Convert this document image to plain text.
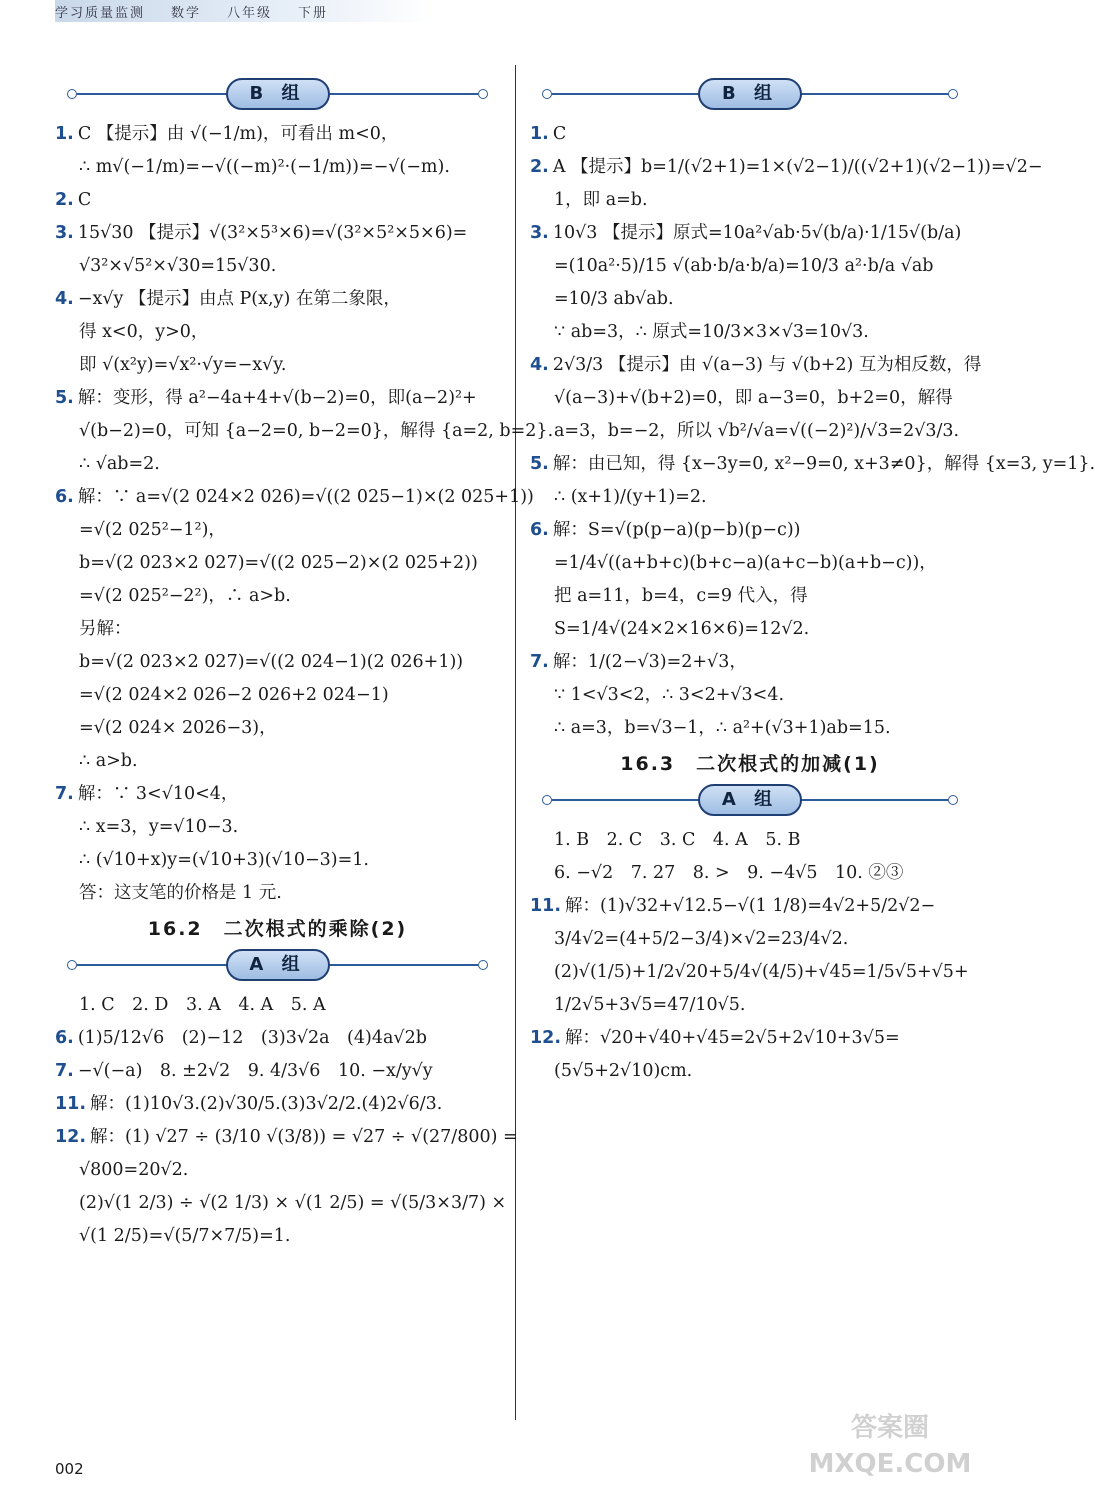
学习质量监测 数学 八年级 下册
B 组
1. C 【提示】由 √(−1/m)，可看出 m<0，
∴ m√(−1/m)=−√((−m)²·(−1/m))=−√(−m).
2. C
3. 15√30 【提示】√(3²×5³×6)=√(3²×5²×5×6)=
√3²×√5²×√30=15√30.
4. −x√y 【提示】由点 P(x,y) 在第二象限，
得 x<0，y>0，
即 √(x²y)=√x²·√y=−x√y.
5. 解：变形，得 a²−4a+4+√(b−2)=0，即(a−2)²+
√(b−2)=0，可知 {a−2=0, b−2=0}，解得 {a=2, b=2}.
∴ √ab=2.
6. 解：∵ a=√(2 024×2 026)=√((2 025−1)×(2 025+1))
=√(2 025²−1²)，
b=√(2 023×2 027)=√((2 025−2)×(2 025+2))
=√(2 025²−2²)，∴ a>b.
另解：
b=√(2 023×2 027)=√((2 024−1)(2 026+1))
=√(2 024×2 026−2 026+2 024−1)
=√(2 024× 2026−3)，
∴ a>b.
7. 解：∵ 3<√10<4，
∴ x=3，y=√10−3.
∴ (√10+x)y=(√10+3)(√10−3)=1.
答：这支笔的价格是 1 元.
16.2　二次根式的乘除(2)
A 组
1. C　2. D　3. A　4. A　5. A
6. (1)5/12√6　(2)−12　(3)3√2a　(4)4a√2b
7. −√(−a)　8. ±2√2　9. 4/3√6　10. −x/y√y
11. 解：(1)10√3.(2)√30/5.(3)3√2/2.(4)2√6/3.
12. 解：(1) √27 ÷ (3/10 √(3/8)) = √27 ÷ √(27/800) =
√800=20√2.
(2)√(1 2/3) ÷ √(2 1/3) × √(1 2/5) = √(5/3×3/7) ×
√(1 2/5)=√(5/7×7/5)=1.
B 组
1. C
2. A 【提示】b=1/(√2+1)=1×(√2−1)/((√2+1)(√2−1))=√2−
1，即 a=b.
3. 10√3 【提示】原式=10a²√ab·5√(b/a)·1/15√(b/a)
=(10a²·5)/15 √(ab·b/a·b/a)=10/3 a²·b/a √ab
=10/3 ab√ab.
∵ ab=3，∴ 原式=10/3×3×√3=10√3.
4. 2√3/3 【提示】由 √(a−3) 与 √(b+2) 互为相反数，得
√(a−3)+√(b+2)=0，即 a−3=0，b+2=0，解得
a=3，b=−2，所以 √b²/√a=√((−2)²)/√3=2√3/3.
5. 解：由已知，得 {x−3y=0, x²−9=0, x+3≠0}，解得 {x=3, y=1}.
∴ (x+1)/(y+1)=2.
6. 解：S=√(p(p−a)(p−b)(p−c))
=1/4√((a+b+c)(b+c−a)(a+c−b)(a+b−c))，
把 a=11，b=4，c=9 代入，得
S=1/4√(24×2×16×6)=12√2.
7. 解：1/(2−√3)=2+√3，
∵ 1<√3<2，∴ 3<2+√3<4.
∴ a=3，b=√3−1，∴ a²+(√3+1)ab=15.
16.3　二次根式的加减(1)
A 组
1. B　2. C　3. C　4. A　5. B
6. −√2　7. 27　8. >　9. −4√5　10. ②③
11. 解：(1)√32+√12.5−√(1 1/8)=4√2+5/2√2−
3/4√2=(4+5/2−3/4)×√2=23/4√2.
(2)√(1/5)+1/2√20+5/4√(4/5)+√45=1/5√5+√5+
1/2√5+3√5=47/10√5.
12. 解：√20+√40+√45=2√5+2√10+3√5=
(5√5+2√10)cm.
002
答案圈
MXQE.COM
